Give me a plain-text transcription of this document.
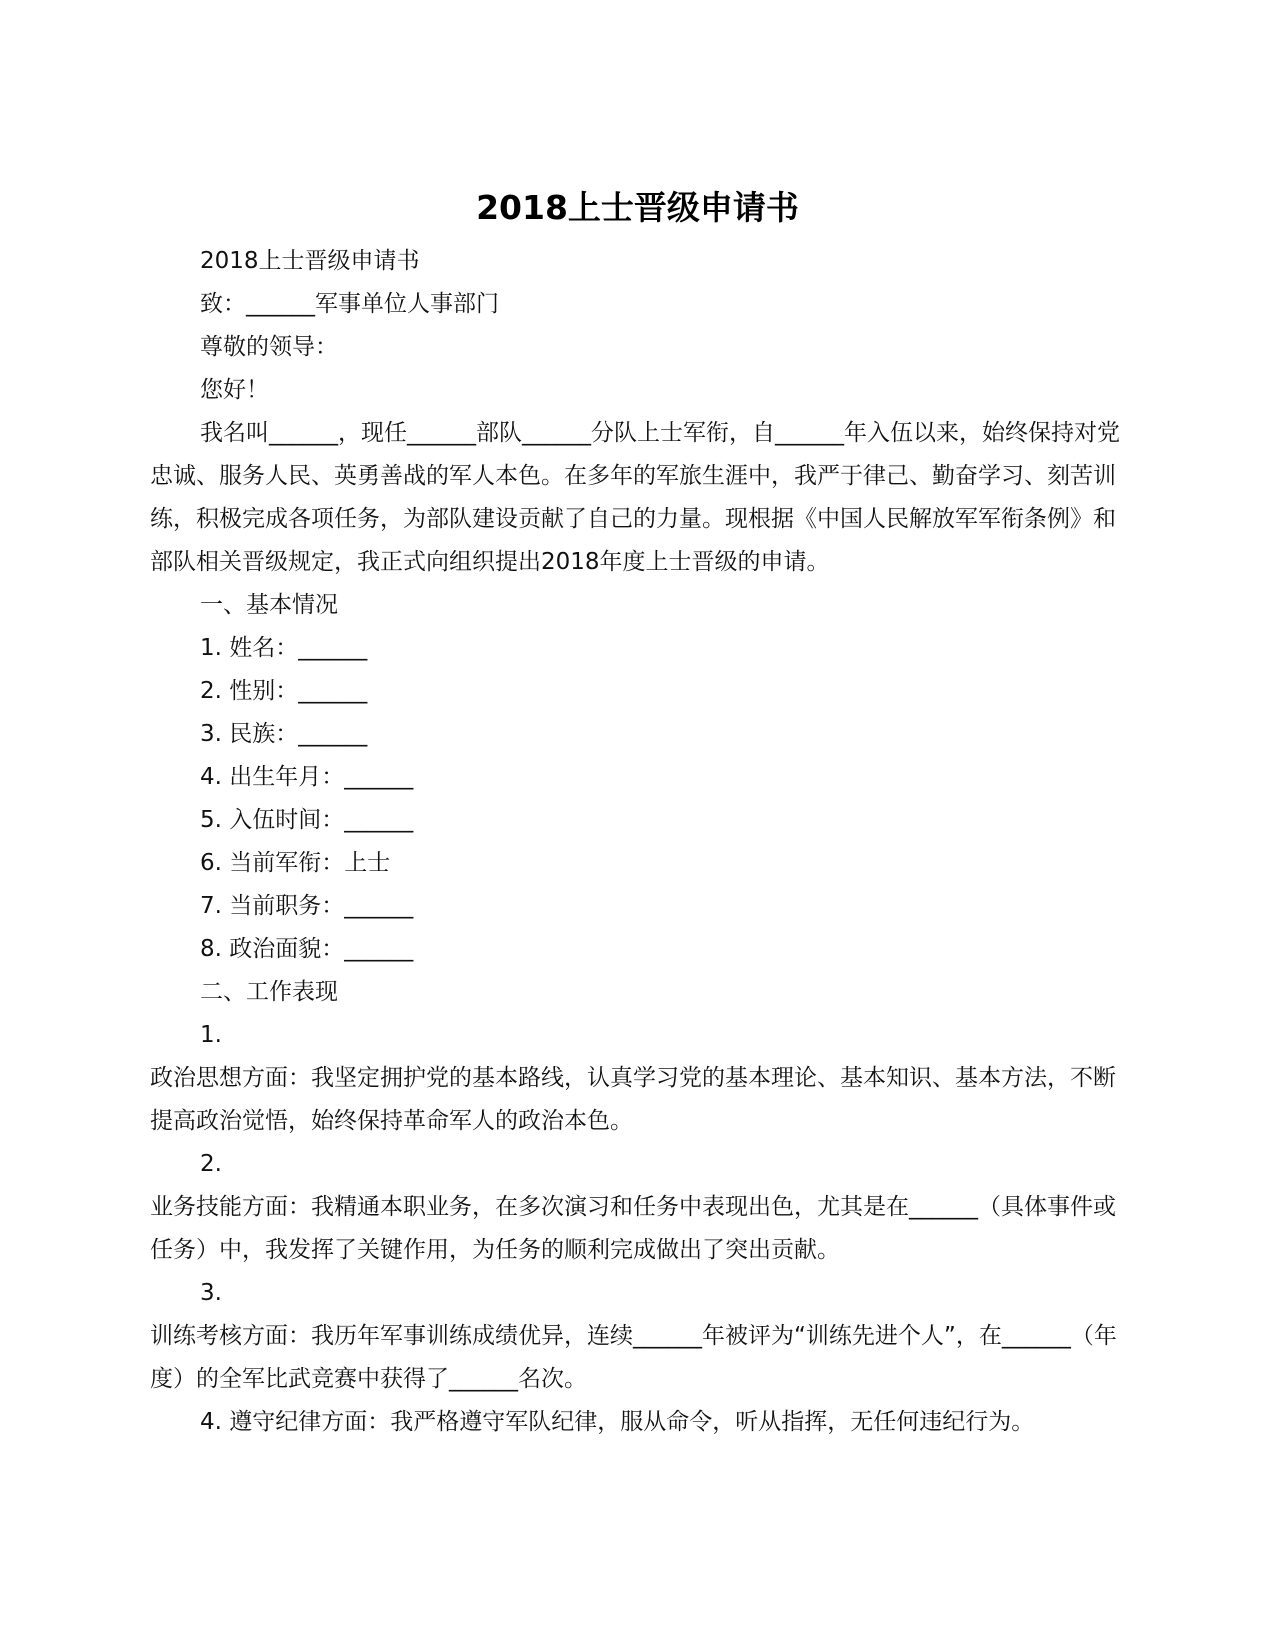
2018上士晋级申请书

2018上士晋级申请书

致：______军事单位人事部门

尊敬的领导：

您好！

我名叫______，现任______部队______分队上士军衔，自______年入伍以来，始终保持对党忠诚、服务人民、英勇善战的军人本色。在多年的军旅生涯中，我严于律己、勤奋学习、刻苦训练，积极完成各项任务，为部队建设贡献了自己的力量。现根据《中国人民解放军军衔条例》和部队相关晋级规定，我正式向组织提出2018年度上士晋级的申请。

一、基本情况

1. 姓名：______

2. 性别：______

3. 民族：______

4. 出生年月：______

5. 入伍时间：______

6. 当前军衔：上士

7. 当前职务：______

8. 政治面貌：______

二、工作表现

1.

政治思想方面：我坚定拥护党的基本路线，认真学习党的基本理论、基本知识、基本方法，不断提高政治觉悟，始终保持革命军人的政治本色。

2.

业务技能方面：我精通本职业务，在多次演习和任务中表现出色，尤其是在______（具体事件或任务）中，我发挥了关键作用，为任务的顺利完成做出了突出贡献。

3.

训练考核方面：我历年军事训练成绩优异，连续______年被评为“训练先进个人”，在______（年度）的全军比武竞赛中获得了______名次。

4. 遵守纪律方面：我严格遵守军队纪律，服从命令，听从指挥，无任何违纪行为。
